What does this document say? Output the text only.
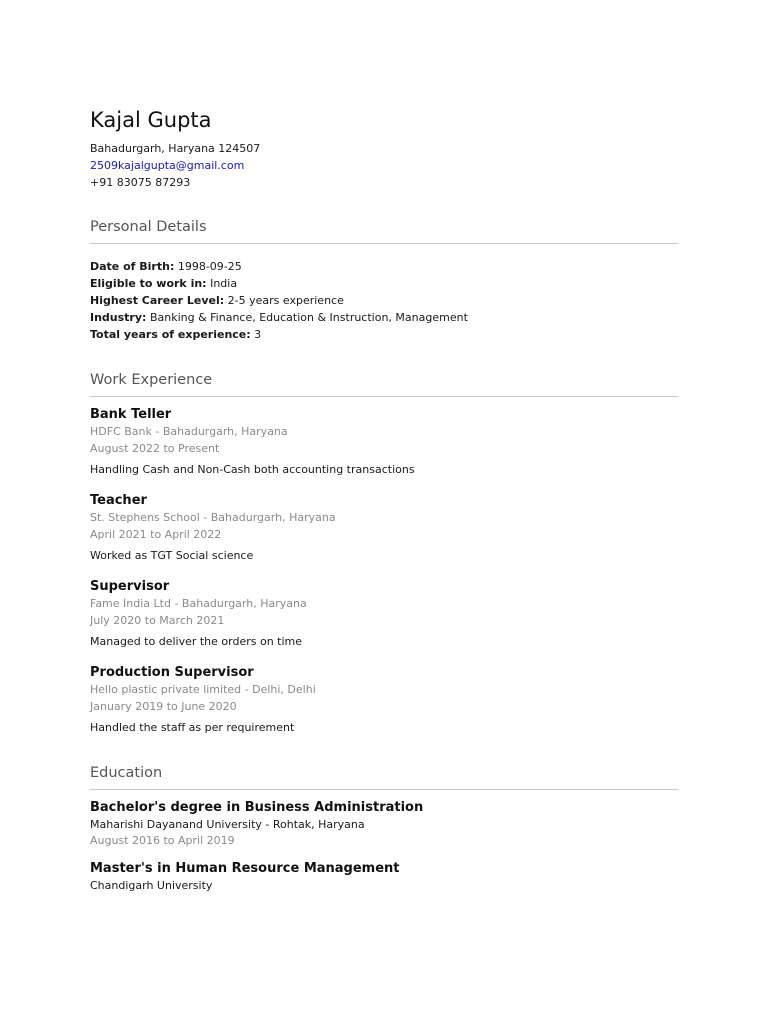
Kajal Gupta
Bahadurgarh, Haryana 124507
2509kajalgupta@gmail.com
+91 83075 87293
Personal Details
Date of Birth: 1998-09-25
Eligible to work in: India
Highest Career Level: 2-5 years experience
Industry: Banking & Finance, Education & Instruction, Management
Total years of experience: 3
Work Experience
Bank Teller
HDFC Bank - Bahadurgarh, Haryana
August 2022 to Present
Handling Cash and Non-Cash both accounting transactions
Teacher
St. Stephens School - Bahadurgarh, Haryana
April 2021 to April 2022
Worked as TGT Social science
Supervisor
Fame India Ltd - Bahadurgarh, Haryana
July 2020 to March 2021
Managed to deliver the orders on time
Production Supervisor
Hello plastic private limited - Delhi, Delhi
January 2019 to June 2020
Handled the staff as per requirement
Education
Bachelor's degree in Business Administration
Maharishi Dayanand University - Rohtak, Haryana
August 2016 to April 2019
Master's in Human Resource Management
Chandigarh University
